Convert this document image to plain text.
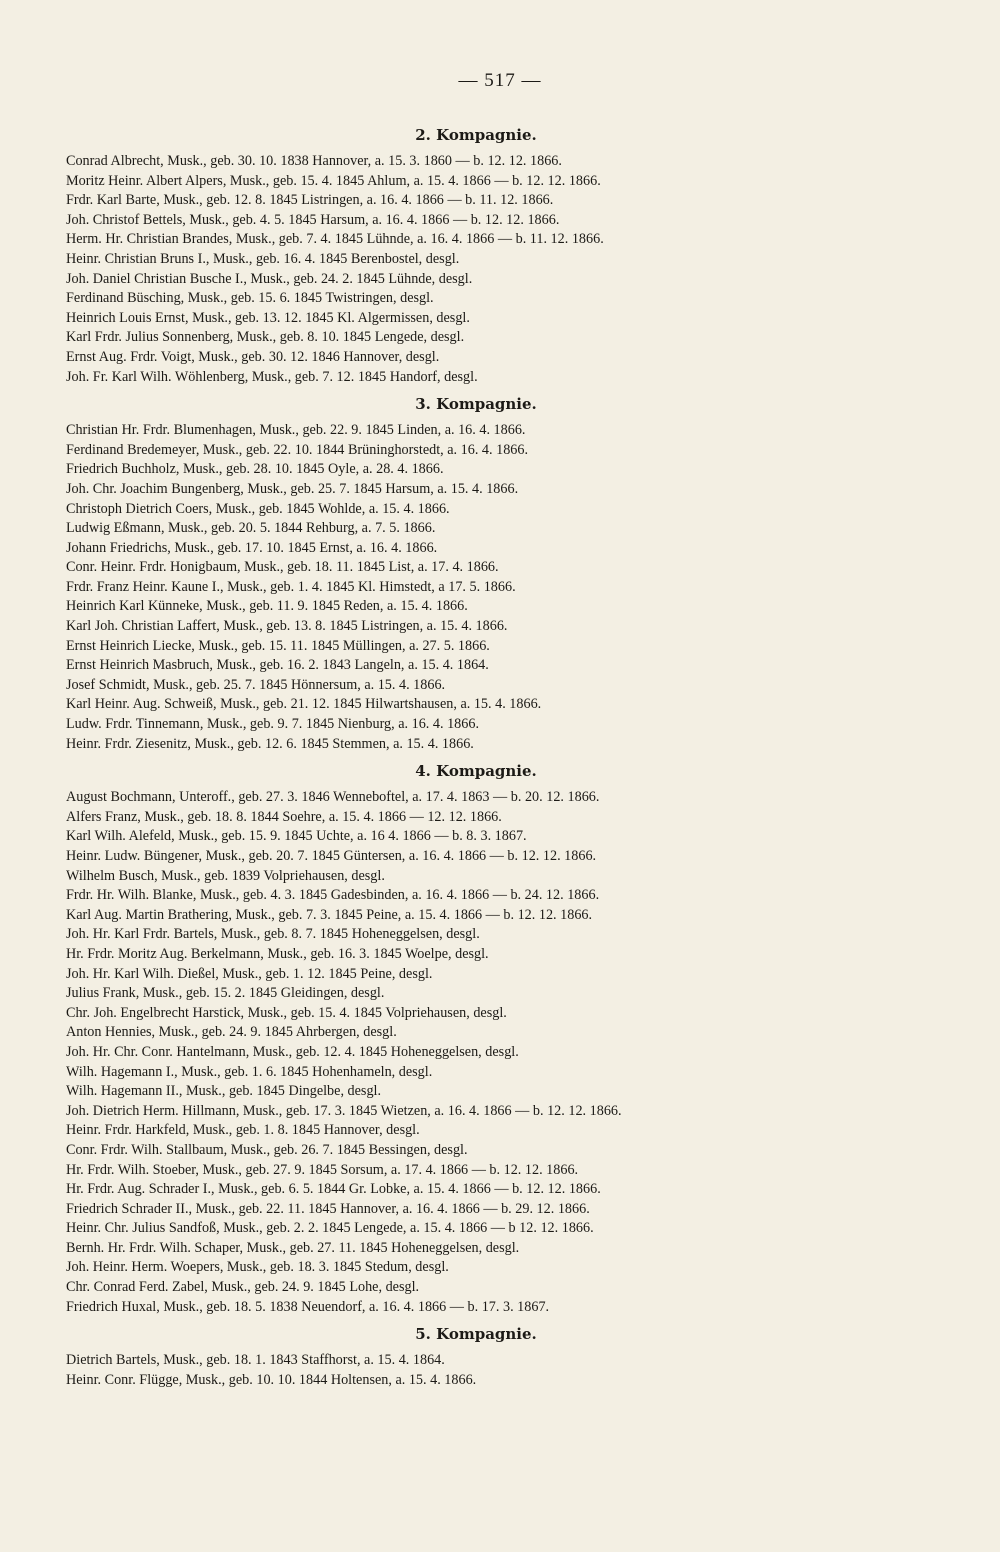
— 517 —
2. Kompagnie.
Conrad Albrecht, Musk., geb. 30. 10. 1838 Hannover, a. 15. 3. 1860 — b. 12. 12. 1866.
Moritz Heinr. Albert Alpers, Musk., geb. 15. 4. 1845 Ahlum, a. 15. 4. 1866 — b. 12. 12. 1866.
Frdr. Karl Barte, Musk., geb. 12. 8. 1845 Listringen, a. 16. 4. 1866 — b. 11. 12. 1866.
Joh. Christof Bettels, Musk., geb. 4. 5. 1845 Harsum, a. 16. 4. 1866 — b. 12. 12. 1866.
Herm. Hr. Christian Brandes, Musk., geb. 7. 4. 1845 Lühnde, a. 16. 4. 1866 — b. 11. 12. 1866.
Heinr. Christian Bruns I., Musk., geb. 16. 4. 1845 Berenbostel, desgl.
Joh. Daniel Christian Busche I., Musk., geb. 24. 2. 1845 Lühnde, desgl.
Ferdinand Büsching, Musk., geb. 15. 6. 1845 Twistringen, desgl.
Heinrich Louis Ernst, Musk., geb. 13. 12. 1845 Kl. Algermissen, desgl.
Karl Frdr. Julius Sonnenberg, Musk., geb. 8. 10. 1845 Lengede, desgl.
Ernst Aug. Frdr. Voigt, Musk., geb. 30. 12. 1846 Hannover, desgl.
Joh. Fr. Karl Wilh. Wöhlenberg, Musk., geb. 7. 12. 1845 Handorf, desgl.
3. Kompagnie.
Christian Hr. Frdr. Blumenhagen, Musk., geb. 22. 9. 1845 Linden, a. 16. 4. 1866.
Ferdinand Bredemeyer, Musk., geb. 22. 10. 1844 Brüninghorstedt, a. 16. 4. 1866.
Friedrich Buchholz, Musk., geb. 28. 10. 1845 Oyle, a. 28. 4. 1866.
Joh. Chr. Joachim Bungenberg, Musk., geb. 25. 7. 1845 Harsum, a. 15. 4. 1866.
Christoph Dietrich Coers, Musk., geb. 1845 Wohlde, a. 15. 4. 1866.
Ludwig Eßmann, Musk., geb. 20. 5. 1844 Rehburg, a. 7. 5. 1866.
Johann Friedrichs, Musk., geb. 17. 10. 1845 Ernst, a. 16. 4. 1866.
Conr. Heinr. Frdr. Honigbaum, Musk., geb. 18. 11. 1845 List, a. 17. 4. 1866.
Frdr. Franz Heinr. Kaune I., Musk., geb. 1. 4. 1845 Kl. Himstedt, a 17. 5. 1866.
Heinrich Karl Künneke, Musk., geb. 11. 9. 1845 Reden, a. 15. 4. 1866.
Karl Joh. Christian Laffert, Musk., geb. 13. 8. 1845 Listringen, a. 15. 4. 1866.
Ernst Heinrich Liecke, Musk., geb. 15. 11. 1845 Müllingen, a. 27. 5. 1866.
Ernst Heinrich Masbruch, Musk., geb. 16. 2. 1843 Langeln, a. 15. 4. 1864.
Josef Schmidt, Musk., geb. 25. 7. 1845 Hönnersum, a. 15. 4. 1866.
Karl Heinr. Aug. Schweiß, Musk., geb. 21. 12. 1845 Hilwartshausen, a. 15. 4. 1866.
Ludw. Frdr. Tinnemann, Musk., geb. 9. 7. 1845 Nienburg, a. 16. 4. 1866.
Heinr. Frdr. Ziesenitz, Musk., geb. 12. 6. 1845 Stemmen, a. 15. 4. 1866.
4. Kompagnie.
August Bochmann, Unteroff., geb. 27. 3. 1846 Wenneboftel, a. 17. 4. 1863 — b. 20. 12. 1866.
Alfers Franz, Musk., geb. 18. 8. 1844 Soehre, a. 15. 4. 1866 — 12. 12. 1866.
Karl Wilh. Alefeld, Musk., geb. 15. 9. 1845 Uchte, a. 16 4. 1866 — b. 8. 3. 1867.
Heinr. Ludw. Büngener, Musk., geb. 20. 7. 1845 Güntersen, a. 16. 4. 1866 — b. 12. 12. 1866.
Wilhelm Busch, Musk., geb. 1839 Volpriehausen, desgl.
Frdr. Hr. Wilh. Blanke, Musk., geb. 4. 3. 1845 Gadesbinden, a. 16. 4. 1866 — b. 24. 12. 1866.
Karl Aug. Martin Brathering, Musk., geb. 7. 3. 1845 Peine, a. 15. 4. 1866 — b. 12. 12. 1866.
Joh. Hr. Karl Frdr. Bartels, Musk., geb. 8. 7. 1845 Hoheneggelsen, desgl.
Hr. Frdr. Moritz Aug. Berkelmann, Musk., geb. 16. 3. 1845 Woelpe, desgl.
Joh. Hr. Karl Wilh. Dießel, Musk., geb. 1. 12. 1845 Peine, desgl.
Julius Frank, Musk., geb. 15. 2. 1845 Gleidingen, desgl.
Chr. Joh. Engelbrecht Harstick, Musk., geb. 15. 4. 1845 Volpriehausen, desgl.
Anton Hennies, Musk., geb. 24. 9. 1845 Ahrbergen, desgl.
Joh. Hr. Chr. Conr. Hantelmann, Musk., geb. 12. 4. 1845 Hoheneggelsen, desgl.
Wilh. Hagemann I., Musk., geb. 1. 6. 1845 Hohenhameln, desgl.
Wilh. Hagemann II., Musk., geb. 1845 Dingelbe, desgl.
Joh. Dietrich Herm. Hillmann, Musk., geb. 17. 3. 1845 Wietzen, a. 16. 4. 1866 — b. 12. 12. 1866.
Heinr. Frdr. Harkfeld, Musk., geb. 1. 8. 1845 Hannover, desgl.
Conr. Frdr. Wilh. Stallbaum, Musk., geb. 26. 7. 1845 Bessingen, desgl.
Hr. Frdr. Wilh. Stoeber, Musk., geb. 27. 9. 1845 Sorsum, a. 17. 4. 1866 — b. 12. 12. 1866.
Hr. Frdr. Aug. Schrader I., Musk., geb. 6. 5. 1844 Gr. Lobke, a. 15. 4. 1866 — b. 12. 12. 1866.
Friedrich Schrader II., Musk., geb. 22. 11. 1845 Hannover, a. 16. 4. 1866 — b. 29. 12. 1866.
Heinr. Chr. Julius Sandfoß, Musk., geb. 2. 2. 1845 Lengede, a. 15. 4. 1866 — b 12. 12. 1866.
Bernh. Hr. Frdr. Wilh. Schaper, Musk., geb. 27. 11. 1845 Hoheneggelsen, desgl.
Joh. Heinr. Herm. Woepers, Musk., geb. 18. 3. 1845 Stedum, desgl.
Chr. Conrad Ferd. Zabel, Musk., geb. 24. 9. 1845 Lohe, desgl.
Friedrich Huxal, Musk., geb. 18. 5. 1838 Neuendorf, a. 16. 4. 1866 — b. 17. 3. 1867.
5. Kompagnie.
Dietrich Bartels, Musk., geb. 18. 1. 1843 Staffhorst, a. 15. 4. 1864.
Heinr. Conr. Flügge, Musk., geb. 10. 10. 1844 Holtensen, a. 15. 4. 1866.
